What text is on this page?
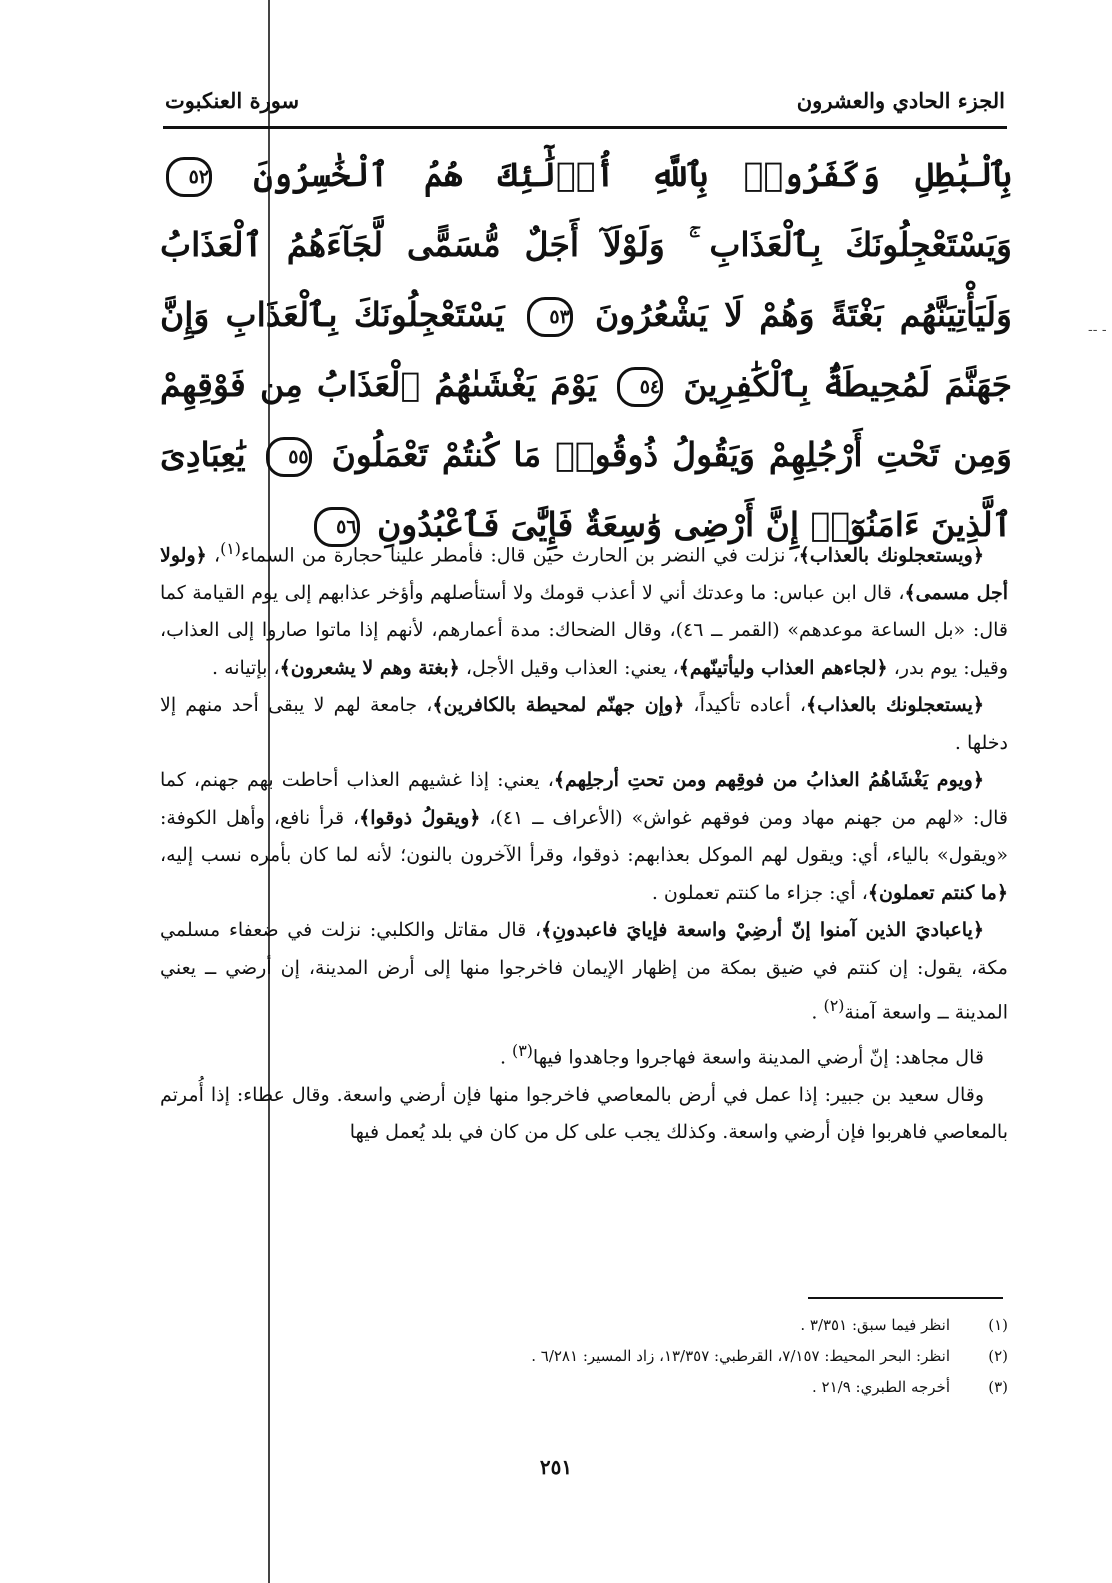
-- -
الجزء الحادي والعشرون
سورة العنكبوت
بِٱلْبَٰطِلِ وَكَفَرُوا۟ بِٱللَّهِ أُو۟لَٰٓئِكَ هُمُ ٱلْخَٰسِرُونَ ٥٢ وَيَسْتَعْجِلُونَكَ بِٱلْعَذَابِ ۚ وَلَوْلَآ أَجَلٌ مُّسَمًّى لَّجَآءَهُمُ ٱلْعَذَابُ وَلَيَأْتِيَنَّهُم بَغْتَةً وَهُمْ لَا يَشْعُرُونَ ٥٣ يَسْتَعْجِلُونَكَ بِٱلْعَذَابِ وَإِنَّ جَهَنَّمَ لَمُحِيطَةٌۢ بِٱلْكَٰفِرِينَ ٥٤ يَوْمَ يَغْشَىٰهُمُ ٱلْعَذَابُ مِن فَوْقِهِمْ وَمِن تَحْتِ أَرْجُلِهِمْ وَيَقُولُ ذُوقُوا۟ مَا كُنتُمْ تَعْمَلُونَ ٥٥ يَٰعِبَادِىَ ٱلَّذِينَ ءَامَنُوٓا۟ إِنَّ أَرْضِى وَٰسِعَةٌ فَإِيَّٰىَ فَٱعْبُدُونِ ٥٦

﴿ويستعجلونك بالعذاب﴾، نزلت في النضر بن الحارث حين قال: فأمطر علينا حجارة من السماء$^{(١)}$، ﴿ولولا أجل مسمى﴾، قال ابن عباس: ما وعدتك أني لا أعذب قومك ولا أستأصلهم وأؤخر عذابهم إلى يوم القيامة كما قال: «بل الساعة موعدهم» (القمر ــ ٤٦)، وقال الضحاك: مدة أعمارهم، لأنهم إذا ماتوا صاروا إلى العذاب، وقيل: يوم بدر، ﴿لجاءهم العذاب وليأتينّهم﴾، يعني: العذاب وقيل الأجل، ﴿بغتة وهم لا يشعرون﴾، بإتيانه .

﴿يستعجلونك بالعذاب﴾، أعاده تأكيداً، ﴿وإن جهنّم لمحيطة بالكافرين﴾، جامعة لهم لا يبقى أحد منهم إلا دخلها .

﴿ويوم يَغْشَاهُمُ العذابُ من فوقِهم ومن تحتِ أرجلِهم﴾، يعني: إذا غشيهم العذاب أحاطت بهم جهنم، كما قال: «لهم من جهنم مهاد ومن فوقهم غواش» (الأعراف ــ ٤١)، ﴿ويقولُ ذوقوا﴾، قرأ نافع، وأهل الكوفة: «ويقول» بالياء، أي: ويقول لهم الموكل بعذابهم: ذوقوا، وقرأ الآخرون بالنون؛ لأنه لما كان بأمره نسب إليه، ﴿ما كنتم تعملون﴾، أي: جزاء ما كنتم تعملون .

﴿ياعباديَ الذين آمنوا إنّ أرضِيْ واسعة فإيايَ فاعبدونِ﴾، قال مقاتل والكلبي: نزلت في ضعفاء مسلمي مكة، يقول: إن كنتم في ضيق بمكة من إظهار الإيمان فاخرجوا منها إلى أرض المدينة، إن أرضي ــ يعني المدينة ــ واسعة آمنة$^{(٢)}$ .

قال مجاهد: إنّ أرضي المدينة واسعة فهاجروا وجاهدوا فيها$^{(٣)}$ .

وقال سعيد بن جبير: إذا عمل في أرض بالمعاصي فاخرجوا منها فإن أرضي واسعة. وقال عطاء: إذا أُمرتم بالمعاصي فاهربوا فإن أرضي واسعة. وكذلك يجب على كل من كان في بلد يُعمل فيها

(١)
انظر فيما سبق: ٣/٣٥١ .
(٢)
انظر: البحر المحيط: ٧/١٥٧، القرطبي: ١٣/٣٥٧، زاد المسير: ٦/٢٨١ .
(٣)
أخرجه الطبري: ٢١/٩ .
٢٥١
